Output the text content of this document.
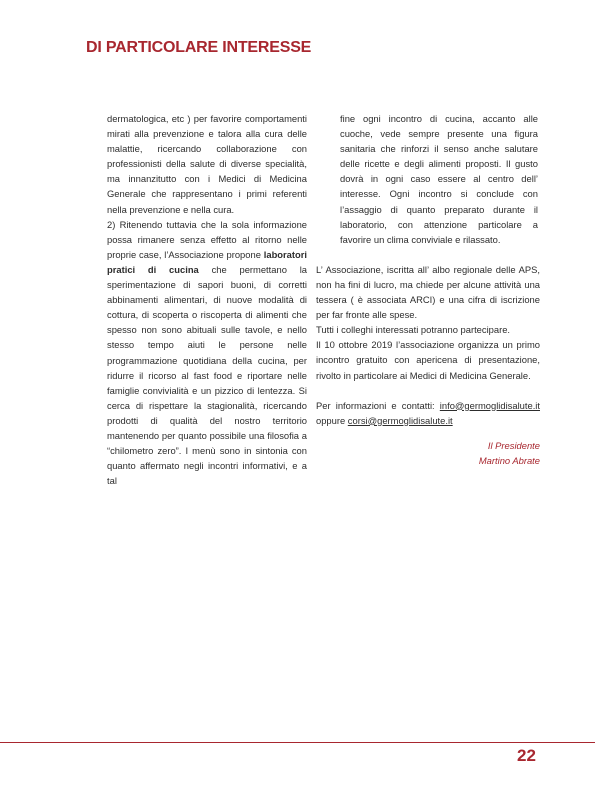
DI PARTICOLARE INTERESSE

dermatologica, etc ) per favorire comportamenti mirati alla prevenzione e talora alla cura delle malattie, ricercando collaborazione con professionisti della salute di diverse specialità, ma innanzitutto con i Medici di Medicina Generale che rappresentano i primi referenti nella prevenzione e nella cura.

2) Ritenendo tuttavia che la sola informazione possa rimanere senza effetto al ritorno nelle proprie case, l’Associazione propone laboratori pratici di cucina che permettano la sperimentazione di sapori buoni, di corretti abbinamenti alimentari, di nuove modalità di cottura, di scoperta o riscoperta di alimenti che spesso non sono abituali sulle tavole, e nello stesso tempo aiuti le persone nelle programmazione quotidiana della cucina, per ridurre il ricorso al fast food e riportare nelle famiglie convivialità e un pizzico di lentezza. Si cerca di rispettare la stagionalità, ricercando prodotti di qualità del nostro territorio mantenendo per quanto possibile una filosofia a “chilometro zero”. I menù sono in sintonia con quanto affermato negli incontri informativi, e a tal

fine ogni incontro di cucina, accanto alle cuoche, vede sempre presente una figura sanitaria che rinforzi il senso anche salutare delle ricette e degli alimenti proposti. Il gusto dovrà in ogni caso essere al centro dell’ interesse. Ogni incontro si conclude con l’assaggio di quanto preparato durante il laboratorio, con attenzione particolare a favorire un clima conviviale e rilassato.

L’ Associazione, iscritta all’ albo regionale delle APS, non ha fini di lucro, ma chiede per alcune attività una tessera ( è associata ARCI) e una cifra di iscrizione per far fronte alle spese.

Tutti i colleghi interessati potranno partecipare.

Il 10 ottobre 2019 l’associazione organizza un primo incontro gratuito con apericena di presentazione, rivolto in particolare ai Medici di Medicina Generale.

Per informazioni e contatti: info@germoglidisalute.it oppure corsi@germoglidisalute.it

Il Presidente

Martino Abrate

22
